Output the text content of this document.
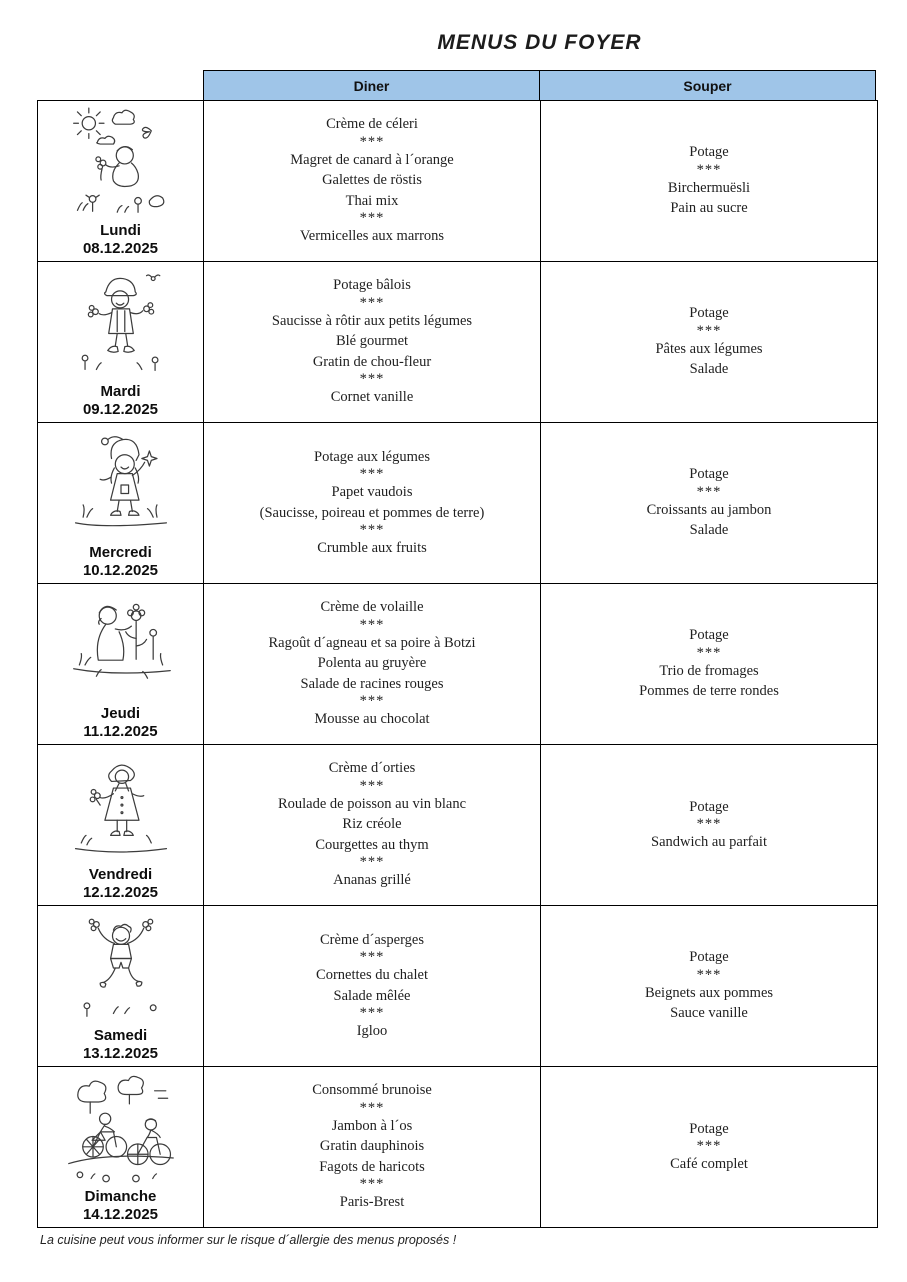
MENUS DU FOYER
Diner	Souper
Lundi
08.12.2025
Crème de céleri
***
Magret de canard à l´orange
Galettes de röstis
Thai mix
***
Vermicelles aux marrons
Potage
***
Birchermuësli
Pain au sucre
Mardi
09.12.2025
Potage bâlois
***
Saucisse à rôtir aux petits légumes
Blé gourmet
Gratin de chou-fleur
***
Cornet vanille
Potage
***
Pâtes aux légumes
Salade
Mercredi
10.12.2025
Potage aux légumes
***
Papet vaudois
(Saucisse, poireau et pommes de terre)
***
Crumble aux fruits
Potage
***
Croissants au jambon
Salade
Jeudi
11.12.2025
Crème de volaille
***
Ragoût d´agneau et sa poire à Botzi
Polenta au gruyère
Salade de racines rouges
***
Mousse au chocolat
Potage
***
Trio de fromages
Pommes de terre rondes
Vendredi
12.12.2025
Crème d´orties
***
Roulade de poisson au vin blanc
Riz créole
Courgettes au thym
***
Ananas grillé
Potage
***
Sandwich au parfait
Samedi
13.12.2025
Crème d´asperges
***
Cornettes du chalet
Salade mêlée
***
Igloo
Potage
***
Beignets aux pommes
Sauce vanille
Dimanche
14.12.2025
Consommé brunoise
***
Jambon à l´os
Gratin dauphinois
Fagots de haricots
***
Paris-Brest
Potage
***
Café complet
La cuisine peut vous informer sur le risque d´allergie des menus proposés !
